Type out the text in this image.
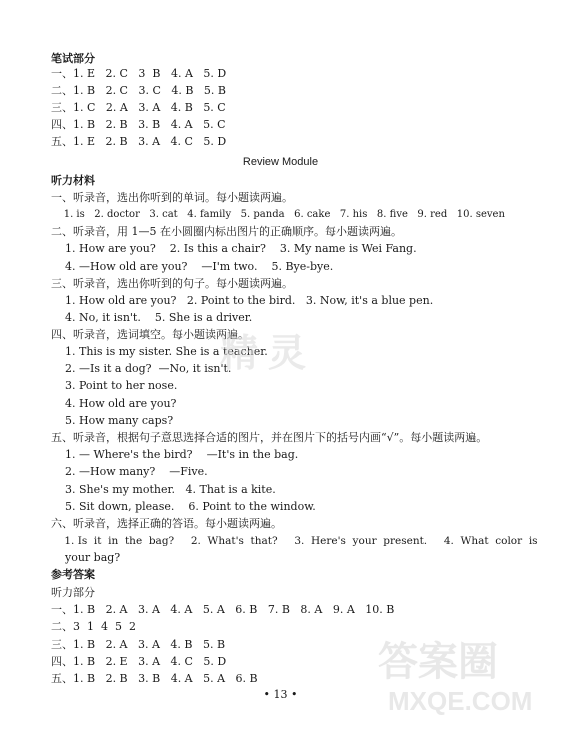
笔试部分
一、1. E   2. C   3  B   4. A   5. D
二、1. B   2. C   3. C   4. B   5. B
三、1. C   2. A   3. A   4. B   5. C
四、1. B   2. B   3. B   4. A   5. C
五、1. E   2. B   3. A   4. C   5. D
Review Module
听力材料
一、听录音，选出你听到的单词。每小题读两遍。
1. is   2. doctor   3. cat   4. family   5. panda   6. cake   7. his   8. five   9. red   10. seven
二、听录音，用 1—5 在小圆圈内标出图片的正确顺序。每小题读两遍。
1. How are you?    2. Is this a chair?    3. My name is Wei Fang.
4. —How old are you?    —I'm two.    5. Bye-bye.
三、听录音，选出你听到的句子。每小题读两遍。
1. How old are you?   2. Point to the bird.   3. Now, it's a blue pen.
4. No, it isn't.    5. She is a driver.
四、听录音，选词填空。每小题读两遍。
1. This is my sister. She is a teacher.
2. —Is it a dog?  —No, it isn't.
3. Point to her nose.
4. How old are you?
5. How many caps?
五、听录音，根据句子意思选择合适的图片，并在图片下的括号内画“√”。每小题读两遍。
1. — Where's the bird?    —It's in the bag.
2. —How many?    —Five.
3. She's my mother.   4. That is a kite.
5. Sit down, please.    6. Point to the window.
六、听录音，选择正确的答语。每小题读两遍。
1. Is  it  in  the  bag?     2.  What's  that?     3.  Here's  your  present.     4.  What  color  is
your bag?
参考答案
听力部分
一、1. B   2. A   3. A   4. A   5. A   6. B   7. B   8. A   9. A   10. B
二、3  1  4  5  2
三、1. B   2. A   3. A   4. B   5. B
四、1. B   2. E   3. A   4. C   5. D
五、1. B   2. B   3. B   4. A   5. A   6. B
• 13 •
精灵
答案圈
MXQE.COM
